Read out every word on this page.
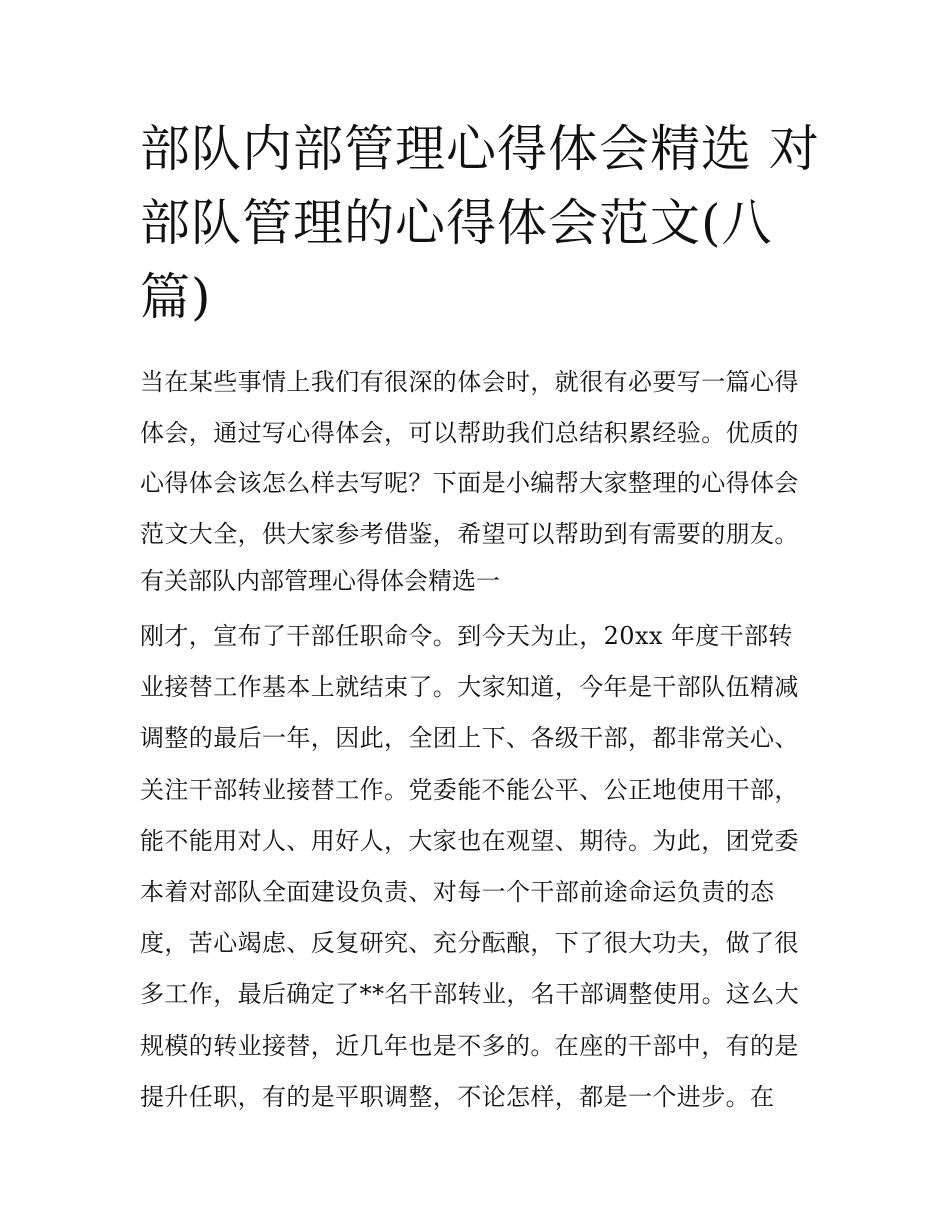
部队内部管理心得体会精选 对
部队管理的心得体会范文(八
篇)
当在某些事情上我们有很深的体会时，就很有必要写一篇心得
体会，通过写心得体会，可以帮助我们总结积累经验。优质的
心得体会该怎么样去写呢？下面是小编帮大家整理的心得体会
范文大全，供大家参考借鉴，希望可以帮助到有需要的朋友。
有关部队内部管理心得体会精选一
刚才，宣布了干部任职命令。到今天为止，20xx 年度干部转
业接替工作基本上就结束了。大家知道，今年是干部队伍精减
调整的最后一年，因此，全团上下、各级干部，都非常关心、
关注干部转业接替工作。党委能不能公平、公正地使用干部，
能不能用对人、用好人，大家也在观望、期待。为此，团党委
本着对部队全面建设负责、对每一个干部前途命运负责的态
度，苦心竭虑、反复研究、充分酝酿，下了很大功夫，做了很
多工作，最后确定了**名干部转业，名干部调整使用。这么大
规模的转业接替，近几年也是不多的。在座的干部中，有的是
提升任职，有的是平职调整，不论怎样，都是一个进步。在
